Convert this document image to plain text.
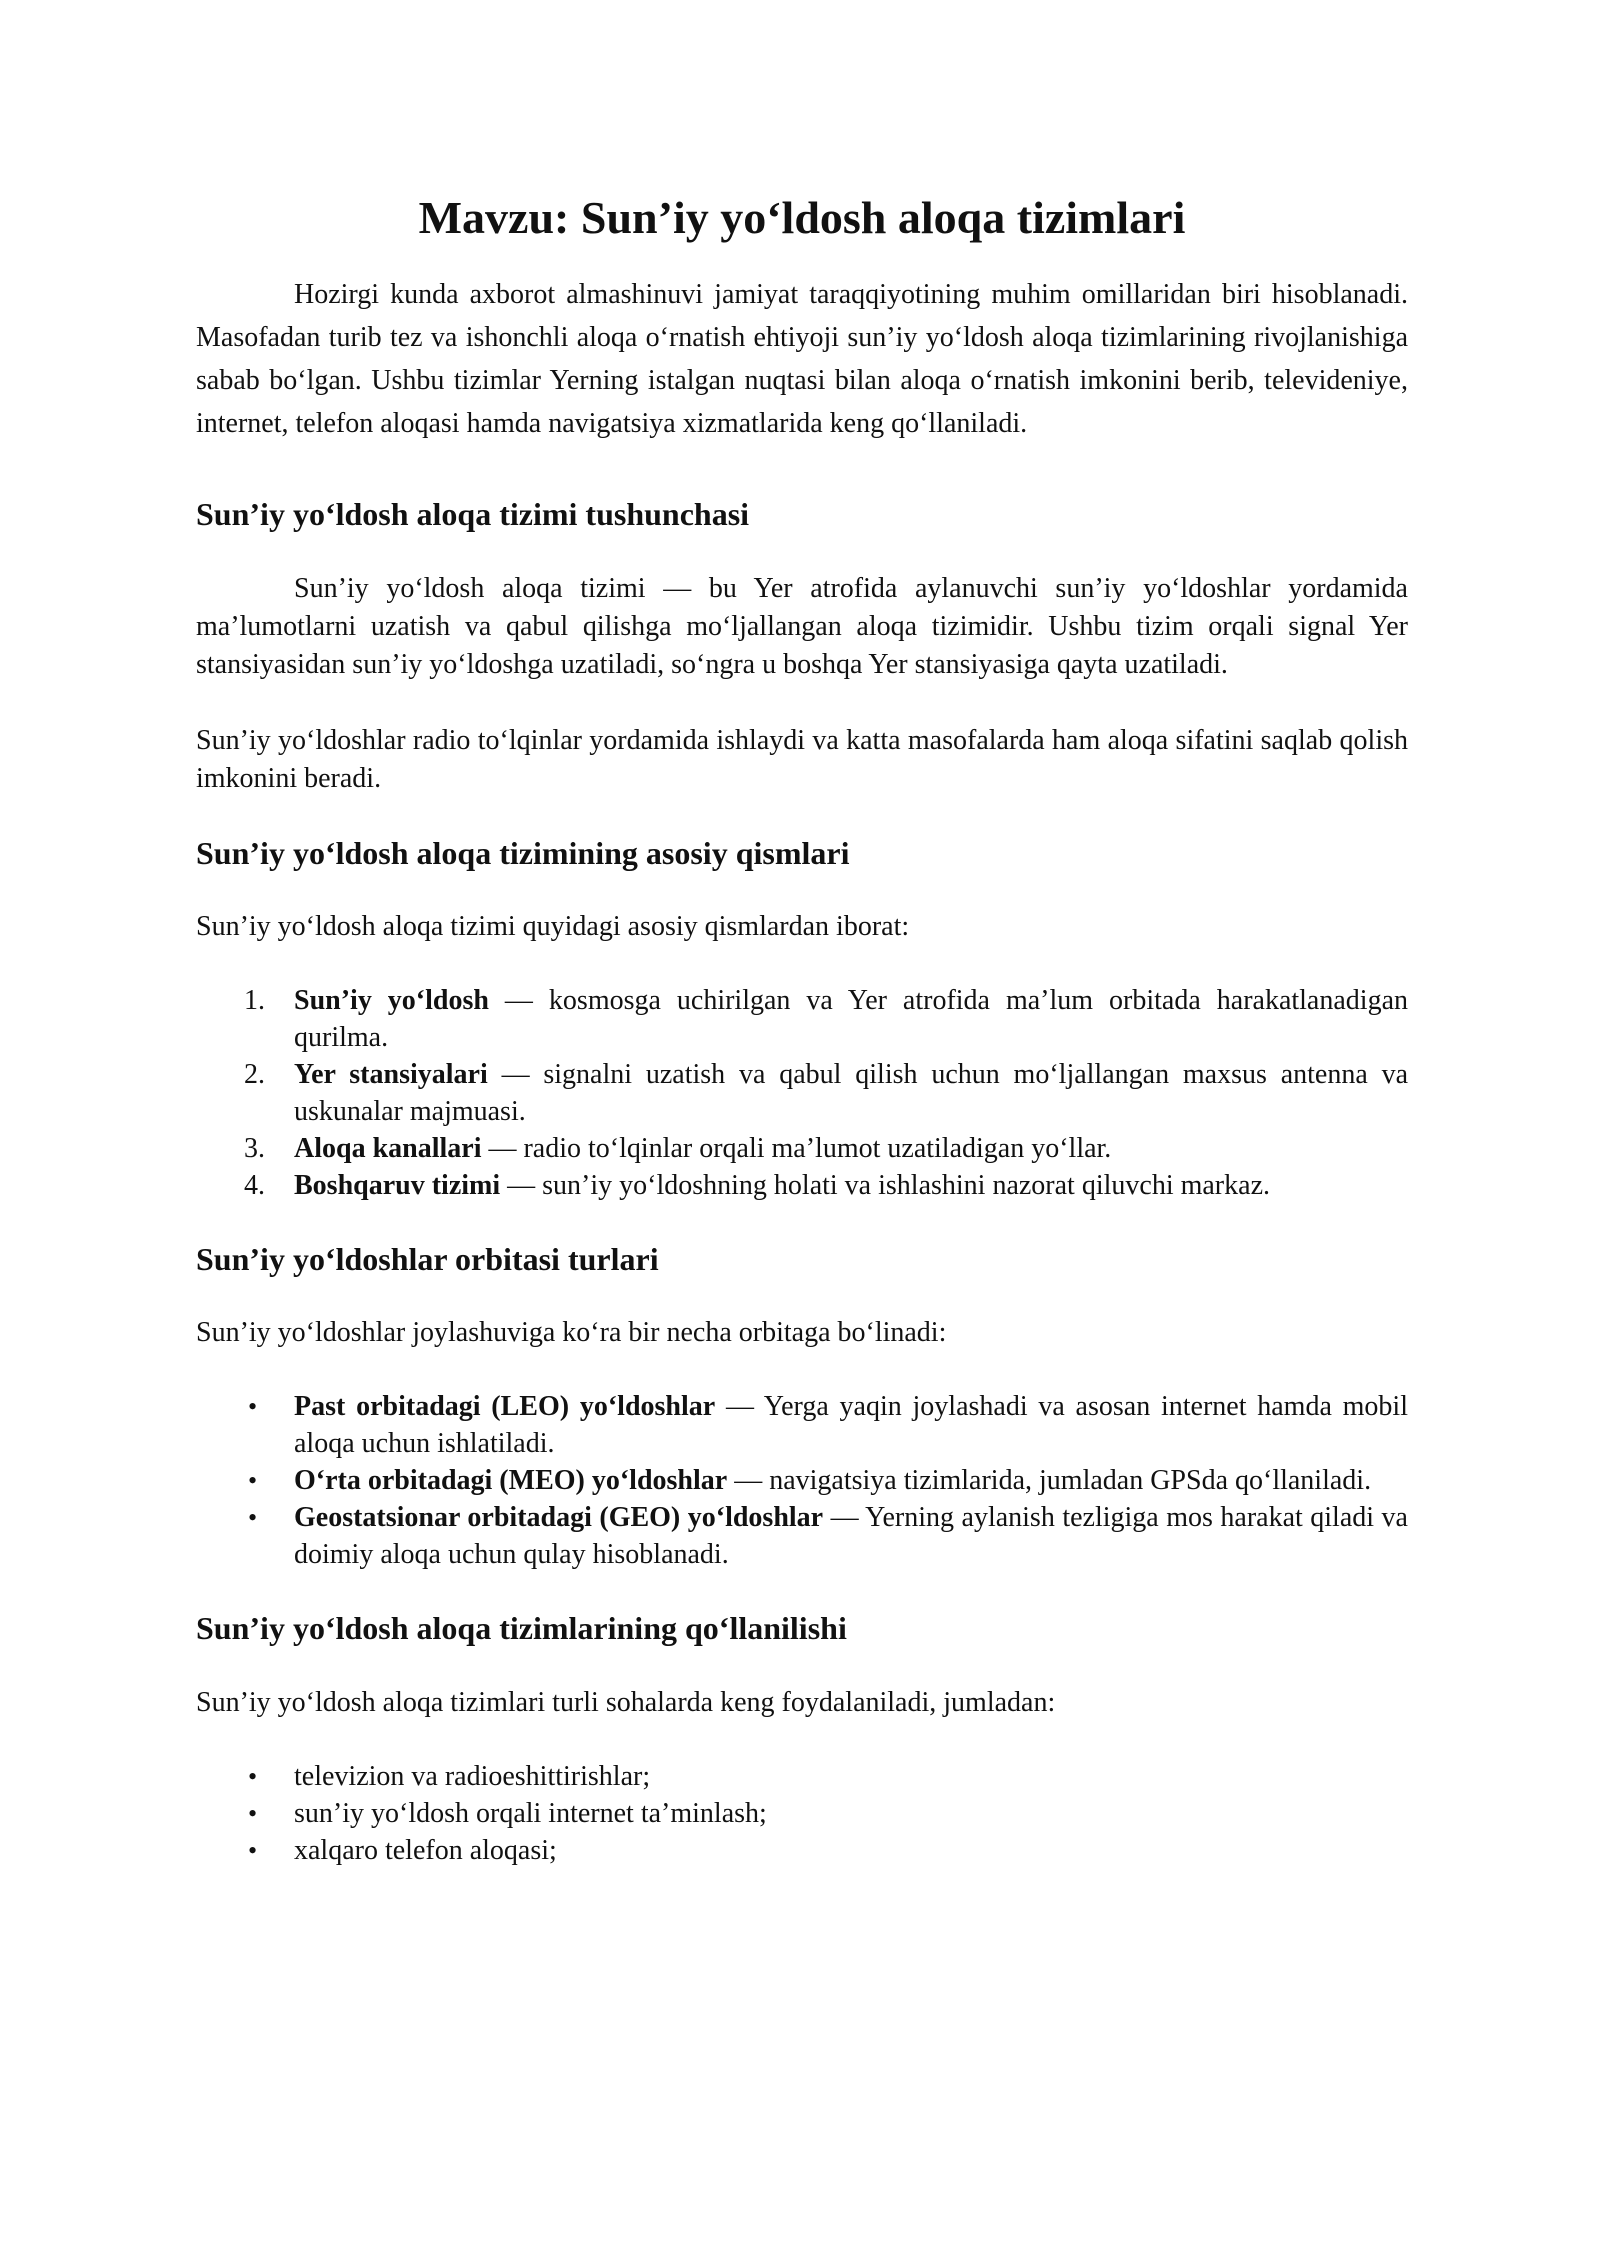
Mavzu: Sun’iy yo‘ldosh aloqa tizimlari

Hozirgi kunda axborot almashinuvi jamiyat taraqqiyotining muhim omillaridan biri hisoblanadi. Masofadan turib tez va ishonchli aloqa o‘rnatish ehtiyoji sun’iy yo‘ldosh aloqa tizimlarining rivojlanishiga sabab bo‘lgan. Ushbu tizimlar Yerning istalgan nuqtasi bilan aloqa o‘rnatish imkonini berib, televideniye, internet, telefon aloqasi hamda navigatsiya xizmatlarida keng qo‘llaniladi.

Sun’iy yo‘ldosh aloqa tizimi tushunchasi

Sun’iy yo‘ldosh aloqa tizimi — bu Yer atrofida aylanuvchi sun’iy yo‘ldoshlar yordamida ma’lumotlarni uzatish va qabul qilishga mo‘ljallangan aloqa tizimidir. Ushbu tizim orqali signal Yer stansiyasidan sun’iy yo‘ldoshga uzatiladi, so‘ngra u boshqa Yer stansiyasiga qayta uzatiladi.

Sun’iy yo‘ldoshlar radio to‘lqinlar yordamida ishlaydi va katta masofalarda ham aloqa sifatini saqlab qolish imkonini beradi.

Sun’iy yo‘ldosh aloqa tizimining asosiy qismlari

Sun’iy yo‘ldosh aloqa tizimi quyidagi asosiy qismlardan iborat:

1.	Sun’iy yo‘ldosh — kosmosga uchirilgan va Yer atrofida ma’lum orbitada harakatlanadigan qurilma.
2.	Yer stansiyalari — signalni uzatish va qabul qilish uchun mo‘ljallangan maxsus antenna va uskunalar majmuasi.
3.	Aloqa kanallari — radio to‘lqinlar orqali ma’lumot uzatiladigan yo‘llar.
4.	Boshqaruv tizimi — sun’iy yo‘ldoshning holati va ishlashini nazorat qiluvchi markaz.
Sun’iy yo‘ldoshlar orbitasi turlari

Sun’iy yo‘ldoshlar joylashuviga ko‘ra bir necha orbitaga bo‘linadi:

•	Past orbitadagi (LEO) yo‘ldoshlar — Yerga yaqin joylashadi va asosan internet hamda mobil aloqa uchun ishlatiladi.
•	O‘rta orbitadagi (MEO) yo‘ldoshlar — navigatsiya tizimlarida, jumladan GPSda qo‘llaniladi.
•	Geostatsionar orbitadagi (GEO) yo‘ldoshlar — Yerning aylanish tezligiga mos harakat qiladi va doimiy aloqa uchun qulay hisoblanadi.
Sun’iy yo‘ldosh aloqa tizimlarining qo‘llanilishi

Sun’iy yo‘ldosh aloqa tizimlari turli sohalarda keng foydalaniladi, jumladan:

•	televizion va radioeshittirishlar;
•	sun’iy yo‘ldosh orqali internet ta’minlash;
•	xalqaro telefon aloqasi;
